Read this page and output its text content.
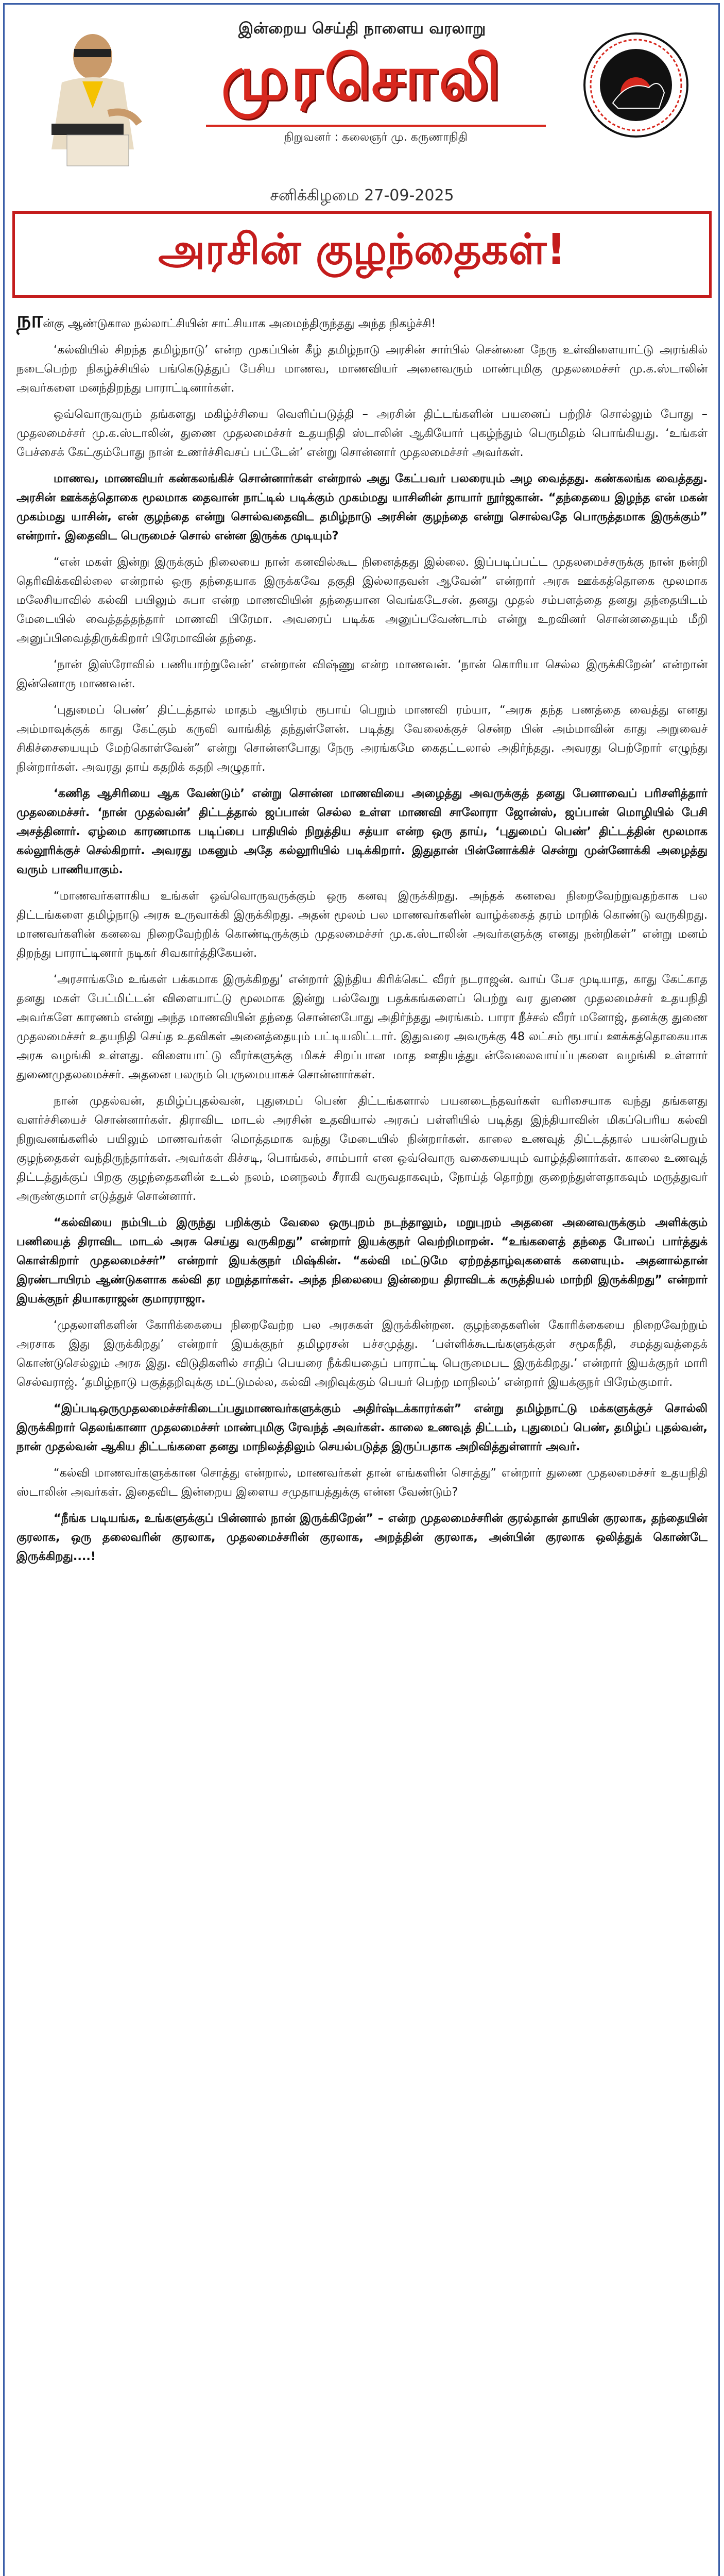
இன்றைய செய்தி நாளைய வரலாறு
முரசொலி
நிறுவனர் : கலைஞர் மு. கருணாநிதி
சனிக்கிழமை 27-09-2025
அரசின் குழந்தைகள்!

நான்கு ஆண்டுகால நல்லாட்சியின் சாட்சியாக அமைந்திருந்தது அந்த நிகழ்ச்சி!

‘கல்வியில் சிறந்த தமிழ்நாடு’ என்ற முகப்பின் கீழ் தமிழ்நாடு அரசின் சார்பில் சென்னை நேரு உள்விளையாட்டு அரங்கில் நடைபெற்ற நிகழ்ச்சியில் பங்கெடுத்துப் பேசிய மாணவ, மாணவியர் அனைவரும் மாண்புமிகு முதலமைச்சர் மு.க.ஸ்டாலின் அவர்களை மனந்திறந்து பாராட்டினார்கள்.

ஒவ்வொருவரும் தங்களது மகிழ்ச்சியை வெளிப்படுத்தி – அரசின் திட்டங்களின் பயனைப் பற்றிச் சொல்லும் போது – முதலமைச்சர் மு.க.ஸ்டாலின், துணை முதலமைச்சர் உதயநிதி ஸ்டாலின் ஆகியோர் புகழ்ந்தும் பெருமிதம் பொங்கியது. ‘உங்கள் பேச்சைக் கேட்கும்போது நான் உணர்ச்சிவசப் பட்டேன்’ என்று சொன்னார் முதலமைச்சர் அவர்கள்.

மாணவ, மாணவியர் கண்கலங்கிச் சொன்னார்கள் என்றால் அது கேட்பவர் பலரையும் அழ வைத்தது. கண்கலங்க வைத்தது. அரசின் ஊக்கத்தொகை மூலமாக தைவான் நாட்டில் படிக்கும் முகம்மது யாசினின் தாயார் நூர்ஜகான். “தந்தையை இழந்த என் மகன் முகம்மது யாசின், என் குழந்தை என்று சொல்வதைவிட தமிழ்நாடு அரசின் குழந்தை என்று சொல்வதே பொருத்தமாக இருக்கும்” என்றார். இதைவிட பெருமைச் சொல் என்ன இருக்க முடியும்?

“என் மகள் இன்று இருக்கும் நிலையை நான் கனவில்கூட நினைத்தது இல்லை. இப்படிப்பட்ட முதலமைச்சருக்கு நான் நன்றி தெரிவிக்கவில்லை என்றால் ஒரு தந்தையாக இருக்கவே தகுதி இல்லாதவன் ஆவேன்” என்றார் அரசு ஊக்கத்தொகை மூலமாக மலேசியாவில் கல்வி பயிலும் சுபா என்ற மாணவியின் தந்தையான வெங்கடேசன். தனது முதல் சம்பளத்தை தனது தந்தையிடம் மேடையில் வைத்தத்தந்தார் மாணவி பிரேமா. அவரைப் படிக்க அனுப்பவேண்டாம் என்று உறவினர் சொன்னதையும் மீறி அனுப்பிவைத்திருக்கிறார் பிரேமாவின் தந்தை.

‘நான் இஸ்ரோவில் பணியாற்றுவேன்’ என்றான் விஷ்ணு என்ற மாணவன். ‘நான் கொரியா செல்ல இருக்கிறேன்’ என்றான் இன்னொரு மாணவன்.

‘புதுமைப் பெண்’ திட்டத்தால் மாதம் ஆயிரம் ரூபாய் பெறும் மாணவி ரம்யா, “அரசு தந்த பணத்தை வைத்து எனது அம்மாவுக்குக் காது கேட்கும் கருவி வாங்கித் தந்துள்ளேன். படித்து வேலைக்குச் சென்ற பின் அம்மாவின் காது அறுவைச் சிகிச்சையையும் மேற்கொள்வேன்” என்று சொன்னபோது நேரு அரங்கமே கைதட்டலால் அதிர்ந்தது. அவரது பெற்றோர் எழுந்து நின்றார்கள். அவரது தாய் கதறிக் கதறி அழுதார்.

‘கணித ஆசிரியை ஆக வேண்டும்’ என்று சொன்ன மாணவியை அழைத்து அவருக்குத் தனது பேனாவைப் பரிசளித்தார் முதலமைச்சர். ‘நான் முதல்வன்’ திட்டத்தால் ஜப்பான் செல்ல உள்ள மாணவி சாலோரா ஜோன்ஸ், ஜப்பான் மொழியில் பேசி அசத்தினார். ஏழ்மை காரணமாக படிப்பை பாதியில் நிறுத்திய சத்யா என்ற ஒரு தாய், ‘புதுமைப் பெண்’ திட்டத்தின் மூலமாக கல்லூரிக்குச் செல்கிறார். அவரது மகனும் அதே கல்லூரியில் படிக்கிறார். இதுதான் பின்னோக்கிச் சென்று முன்னோக்கி அழைத்து வரும் பாணியாகும்.

“மாணவர்களாகிய உங்கள் ஒவ்வொருவருக்கும் ஒரு கனவு இருக்கிறது. அந்தக் கனவை நிறைவேற்றுவதற்காக பல திட்டங்களை தமிழ்நாடு அரசு உருவாக்கி இருக்கிறது. அதன் மூலம் பல மாணவர்களின் வாழ்க்கைத் தரம் மாறிக் கொண்டு வருகிறது. மாணவர்களின் கனவை நிறைவேற்றிக் கொண்டிருக்கும் முதலமைச்சர் மு.க.ஸ்டாலின் அவர்களுக்கு எனது நன்றிகள்” என்று மனம் திறந்து பாராட்டினார் நடிகர் சிவகார்த்திகேயன்.

‘அரசாங்கமே உங்கள் பக்கமாக இருக்கிறது’ என்றார் இந்திய கிரிக்கெட் வீரர் நடராஜன். வாய் பேச முடியாத, காது கேட்காத தனது மகள் பேட்மிட்டன் விளையாட்டு மூலமாக இன்று பல்வேறு பதக்கங்களைப் பெற்று வர துணை முதலமைச்சர் உதயநிதி அவர்களே காரணம் என்று அந்த மாணவியின் தந்தை சொன்னபோது அதிர்ந்தது அரங்கம். பாரா நீச்சல் வீரர் மனோஜ், தனக்கு துணை முதலமைச்சர் உதயநிதி செய்த உதவிகள் அனைத்தையும் பட்டியலிட்டார். இதுவரை அவருக்கு 48 லட்சம் ரூபாய் ஊக்கத்தொகையாக அரசு வழங்கி உள்ளது. விளையாட்டு வீரர்களுக்கு மிகச் சிறப்பான மாத ஊதியத்துடன்வேலைவாய்ப்புகளை வழங்கி உள்ளார் துணைமுதலமைச்சர். அதனை பலரும் பெருமையாகச் சொன்னார்கள்.

நான் முதல்வன், தமிழ்ப்புதல்வன், புதுமைப் பெண் திட்டங்களால் பயனடைந்தவர்கள் வரிசையாக வந்து தங்களது வளர்ச்சியைச் சொன்னார்கள். திராவிட மாடல் அரசின் உதவியால் அரசுப் பள்ளியில் படித்து இந்தியாவின் மிகப்பெரிய கல்வி நிறுவனங்களில் பயிலும் மாணவர்கள் மொத்தமாக வந்து மேடையில் நின்றார்கள். காலை உணவுத் திட்டத்தால் பயன்பெறும் குழந்தைகள் வந்திருந்தார்கள். அவர்கள் கிச்சடி, பொங்கல், சாம்பார் என ஒவ்வொரு வகையையும் வாழ்த்தினார்கள். காலை உணவுத் திட்டத்துக்குப் பிறகு குழந்தைகளின் உடல் நலம், மனநலம் சீராகி வருவதாகவும், நோய்த் தொற்று குறைந்துள்ளதாகவும் மருத்துவர் அருண்குமார் எடுத்துச் சொன்னார்.

“கல்வியை நம்பிடம் இருந்து பறிக்கும் வேலை ஒருபுறம் நடந்தாலும், மறுபுறம் அதனை அனைவருக்கும் அளிக்கும் பணியைத் திராவிட மாடல் அரசு செய்து வருகிறது” என்றார் இயக்குநர் வெற்றிமாறன். “உங்களைத் தந்தை போலப் பார்த்துக் கொள்கிறார் முதலமைச்சர்” என்றார் இயக்குநர் மிஷ்கின். “கல்வி மட்டுமே ஏற்றத்தாழ்வுகளைக் களையும். அதனால்தான் இரண்டாயிரம் ஆண்டுகளாக கல்வி தர மறுத்தார்கள். அந்த நிலையை இன்றைய திராவிடக் கருத்தியல் மாற்றி இருக்கிறது” என்றார் இயக்குநர் தியாகராஜன் குமாரராஜா.

‘முதலாளிகளின் கோரிக்கையை நிறைவேற்ற பல அரசுகள் இருக்கின்றன. குழந்தைகளின் கோரிக்கையை நிறைவேற்றும் அரசாக இது இருக்கிறது’ என்றார் இயக்குநர் தமிழரசன் பச்சமுத்து. ‘பள்ளிக்கூடங்களுக்குள் சமூகநீதி, சமத்துவத்தைக் கொண்டுசெல்லும் அரசு இது. விடுதிகளில் சாதிப் பெயரை நீக்கியதைப் பாராட்டி பெருமைபட இருக்கிறது.’ என்றார் இயக்குநர் மாரி செல்வராஜ். ‘தமிழ்நாடு பகுத்தறிவுக்கு மட்டுமல்ல, கல்வி அறிவுக்கும் பெயர் பெற்ற மாநிலம்’ என்றார் இயக்குநர் பிரேம்குமார்.

“இப்படிஒருமுதலமைச்சர்கிடைப்பதுமாணவர்களுக்கும் அதிர்ஷ்டக்காரர்கள்” என்று தமிழ்நாட்டு மக்களுக்குச் சொல்லி இருக்கிறார் தெலங்கானா முதலமைச்சர் மாண்புமிகு ரேவந்த் அவர்கள். காலை உணவுத் திட்டம், புதுமைப் பெண், தமிழ்ப் புதல்வன், நான் முதல்வன் ஆகிய திட்டங்களை தனது மாநிலத்திலும் செயல்படுத்த இருப்பதாக அறிவித்துள்ளார் அவர்.

“கல்வி மாணவர்களுக்கான சொத்து என்றால், மாணவர்கள் தான் எங்களின் சொத்து” என்றார் துணை முதலமைச்சர் உதயநிதி ஸ்டாலின் அவர்கள். இதைவிட இன்றைய இளைய சமுதாயத்துக்கு என்ன வேண்டும்?

“நீங்க படியங்க, உங்களுக்குப் பின்னால் நான் இருக்கிறேன்” – என்ற முதலமைச்சரின் குரல்தான் தாயின் குரலாக, தந்தையின் குரலாக, ஒரு தலைவரின் குரலாக, முதலமைச்சரின் குரலாக, அறத்தின் குரலாக, அன்பின் குரலாக ஒலித்துக் கொண்டே இருக்கிறது....!
